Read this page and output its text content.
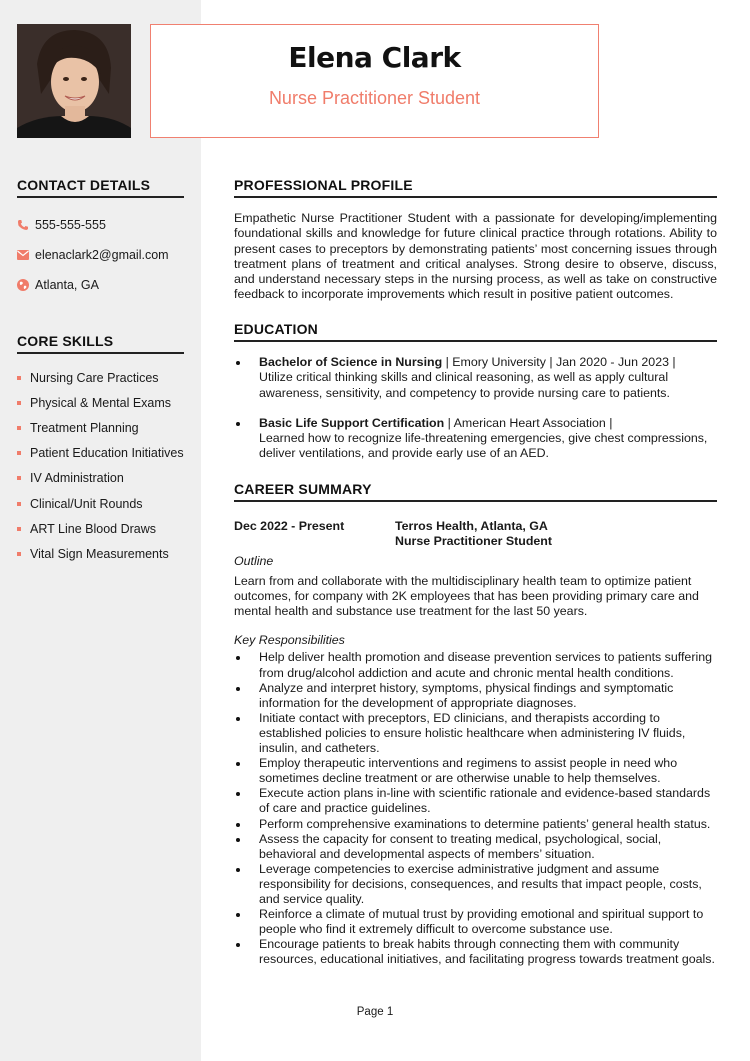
Elena Clark
Nurse Practitioner Student
CONTACT DETAILS
555-555-555
elenaclark2@gmail.com
Atlanta, GA
CORE SKILLS
Nursing Care Practices
Physical & Mental Exams
Treatment Planning
Patient Education Initiatives
IV Administration
Clinical/Unit Rounds
ART Line Blood Draws
Vital Sign Measurements
PROFESSIONAL PROFILE
Empathetic Nurse Practitioner Student with a passionate for developing/implementing foundational skills and knowledge for future clinical practice through rotations. Ability to present cases to preceptors by demonstrating patients’ most concerning issues through treatment plans of treatment and critical analyses. Strong desire to observe, discuss, and understand necessary steps in the nursing process, as well as take on constructive feedback to incorporate improvements which result in positive patient outcomes.
EDUCATION
Bachelor of Science in Nursing | Emory University | Jan 2020 - Jun 2023 |
Utilize critical thinking skills and clinical reasoning, as well as apply cultural awareness, sensitivity, and competency to provide nursing care to patients.
Basic Life Support Certification | American Heart Association |
Learned how to recognize life-threatening emergencies, give chest compressions, deliver ventilations, and provide early use of an AED.
CAREER SUMMARY
Dec 2022 - Present	Terros Health, Atlanta, GA
Nurse Practitioner Student
Outline
Learn from and collaborate with the multidisciplinary health team to optimize patient outcomes, for company with 2K employees that has been providing primary care and mental health and substance use treatment for the last 50 years.
Key Responsibilities
Help deliver health promotion and disease prevention services to patients suffering from drug/alcohol addiction and acute and chronic mental health conditions.
Analyze and interpret history, symptoms, physical findings and symptomatic information for the development of appropriate diagnoses.
Initiate contact with preceptors, ED clinicians, and therapists according to established policies to ensure holistic healthcare when administering IV fluids, insulin, and catheters.
Employ therapeutic interventions and regimens to assist people in need who sometimes decline treatment or are otherwise unable to help themselves.
Execute action plans in-line with scientific rationale and evidence-based standards of care and practice guidelines.
Perform comprehensive examinations to determine patients’ general health status.
Assess the capacity for consent to treating medical, psychological, social, behavioral and developmental aspects of members’ situation.
Leverage competencies to exercise administrative judgment and assume responsibility for decisions, consequences, and results that impact people, costs, and service quality.
Reinforce a climate of mutual trust by providing emotional and spiritual support to people who find it extremely difficult to overcome substance use.
Encourage patients to break habits through connecting them with community resources, educational initiatives, and facilitating progress towards treatment goals.
Page 1
